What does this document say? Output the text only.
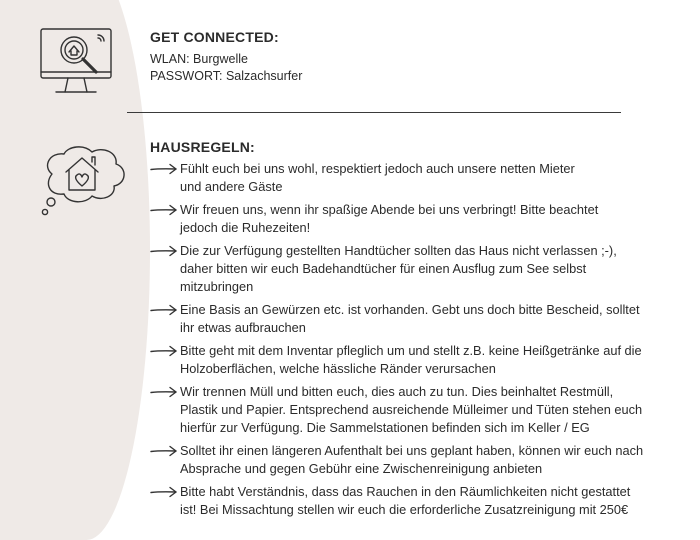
GET CONNECTED:
WLAN: Burgwelle
PASSWORT: Salzachsurfer
HAUSREGELN:
Fühlt euch bei uns wohl, respektiert jedoch auch unsere netten Mieter
und andere Gäste
Wir freuen uns, wenn ihr spaßige Abende bei uns verbringt! Bitte beachtet
jedoch die Ruhezeiten!
Die zur Verfügung gestellten Handtücher sollten das Haus nicht verlassen ;-),
daher bitten wir euch Badehandtücher für einen Ausflug zum See selbst
mitzubringen
Eine Basis an Gewürzen etc. ist vorhanden. Gebt uns doch bitte Bescheid, solltet
ihr etwas aufbrauchen
Bitte geht mit dem Inventar pfleglich um und stellt z.B. keine Heißgetränke auf die
Holzoberflächen, welche hässliche Ränder verursachen
Wir trennen Müll und bitten euch, dies auch zu tun. Dies beinhaltet Restmüll,
Plastik und Papier. Entsprechend ausreichende Mülleimer und Tüten stehen euch
hierfür zur Verfügung. Die Sammelstationen befinden sich im Keller / EG
Solltet ihr einen längeren Aufenthalt bei uns geplant haben, können wir euch nach
Absprache und gegen Gebühr eine Zwischenreinigung anbieten
Bitte habt Verständnis, dass das Rauchen in den Räumlichkeiten nicht gestattet
ist! Bei Missachtung stellen wir euch die erforderliche Zusatzreinigung mit 250€
